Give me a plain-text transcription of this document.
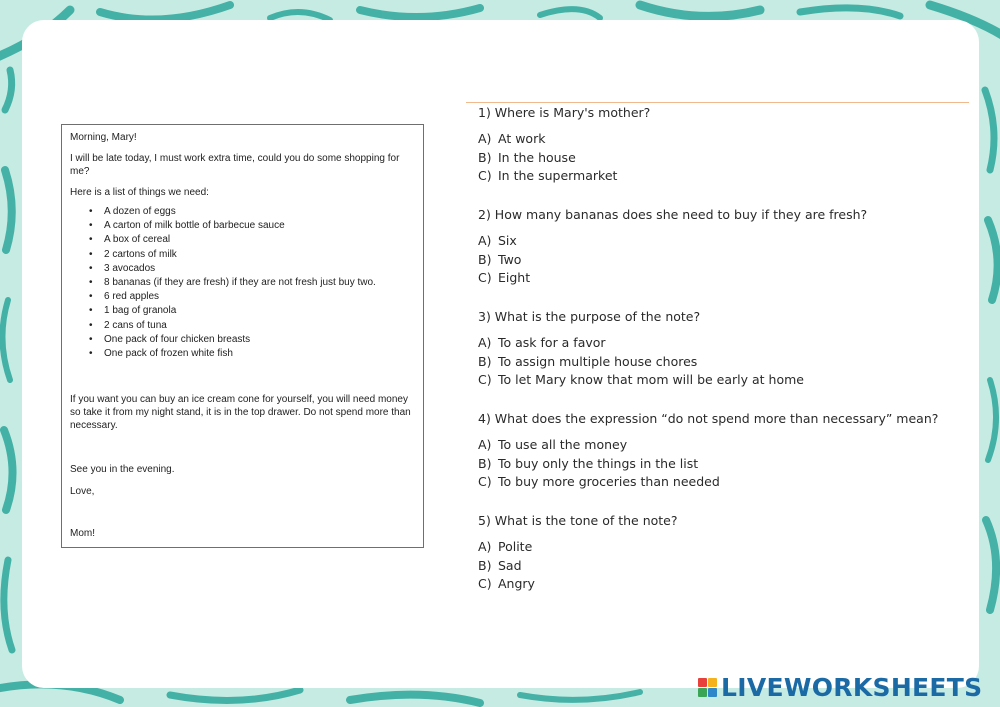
Morning, Mary!

I will be late today, I must work extra time, could you do some shopping for me?

Here is a list of things we need:

• A dozen of eggs
• A carton of milk bottle of barbecue sauce
• A box of cereal
• 2 cartons of milk
• 3 avocados
• 8 bananas (if they are fresh) if they are not fresh just buy two.
• 6 red apples
• 1 bag of granola
• 2 cans of tuna
• One pack of four chicken breasts
• One pack of frozen white fish

If you want you can buy an ice cream cone for yourself, you will need money so take it from my night stand, it is in the top drawer. Do not spend more than necessary.

See you in the evening.

Love,

Mom!

1) Where is Mary's mother?
A) At work
B) In the house
C) In the supermarket
2) How many bananas does she need to buy if they are fresh?
A) Six
B) Two
C) Eight
3) What is the purpose of the note?
A) To ask for a favor
B) To assign multiple house chores
C) To let Mary know that mom will be early at home
4) What does the expression “do not spend more than necessary” mean?
A) To use all the money
B) To buy only the things in the list
C) To buy more groceries than needed
5) What is the tone of the note?
A) Polite
B) Sad
C) Angry
LIVEWORKSHEETS
